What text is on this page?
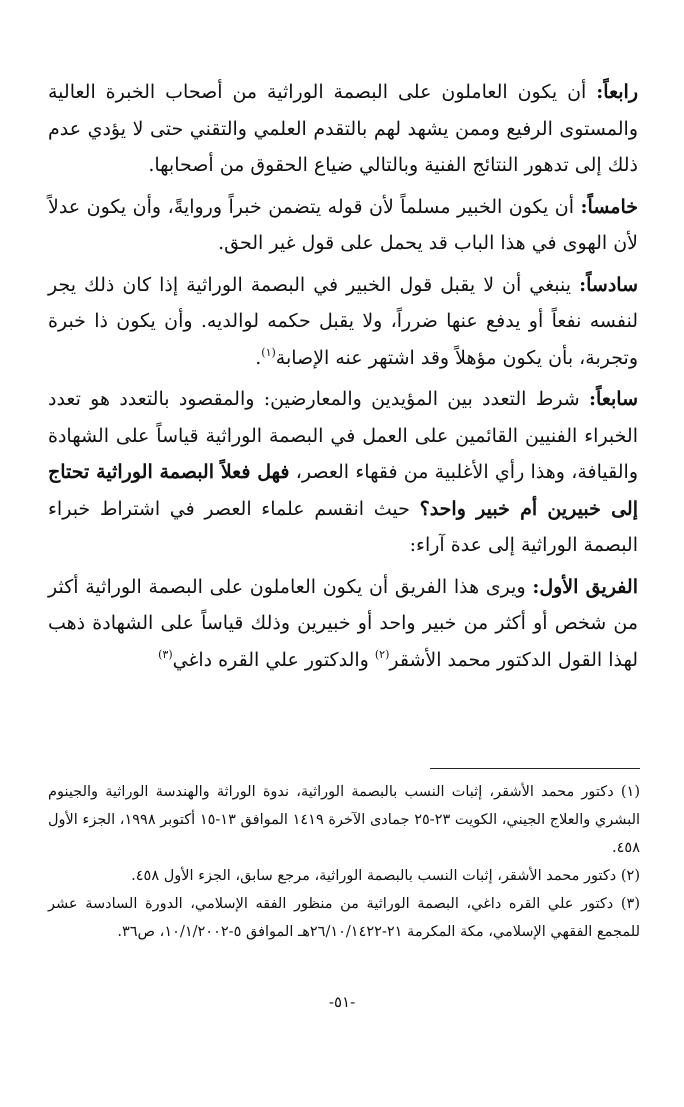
رابعاً: أن يكون العاملون على البصمة الوراثية من أصحاب الخبرة العالية والمستوى الرفيع وممن يشهد لهم بالتقدم العلمي والتقني حتى لا يؤدي عدم ذلك إلى تدهور النتائج الفنية وبالتالي ضياع الحقوق من أصحابها.

خامساً: أن يكون الخبير مسلماً لأن قوله يتضمن خبراً وروايةً، وأن يكون عدلاً لأن الهوى في هذا الباب قد يحمل على قول غير الحق.

سادساً: ينبغي أن لا يقبل قول الخبير في البصمة الوراثية إذا كان ذلك يجر لنفسه نفعاً أو يدفع عنها ضرراً، ولا يقبل حكمه لوالديه. وأن يكون ذا خبرة وتجربة، بأن يكون مؤهلاً وقد اشتهر عنه الإصابة$^{(١)}$.

سابعاً: شرط التعدد بين المؤيدين والمعارضين: والمقصود بالتعدد هو تعدد الخبراء الفنيين القائمين على العمل في البصمة الوراثية قياساً على الشهادة والقيافة، وهذا رأي الأغلبية من فقهاء العصر، فهل فعلاً البصمة الوراثية تحتاج إلى خبيرين أم خبير واحد؟ حيث انقسم علماء العصر في اشتراط خبراء البصمة الوراثية إلى عدة آراء:

الفريق الأول: ويرى هذا الفريق أن يكون العاملون على البصمة الوراثية أكثر من شخص أو أكثر من خبير واحد أو خبيرين وذلك قياساً على الشهادة ذهب لهذا القول الدكتور محمد الأشقر$^{(٢)}$ والدكتور علي القره داغي$^{(٣)}$

(١) دكتور محمد الأشقر، إثبات النسب بالبصمة الوراثية، ندوة الوراثة والهندسة الوراثية والجينوم البشري والعلاج الجيني، الكويت ٢٣-٢٥ جمادى الآخرة ١٤١٩ الموافق ١٣-١٥ أكتوبر ١٩٩٨، الجزء الأول ٤٥٨.

(٢) دكتور محمد الأشقر، إثبات النسب بالبصمة الوراثية، مرجع سابق، الجزء الأول ٤٥٨.

(٣) دكتور علي القره داغي، البصمة الوراثية من منظور الفقه الإسلامي، الدورة السادسة عشر للمجمع الفقهي الإسلامي، مكة المكرمة ٢١-٢٦/١٠/١٤٢٢هـ الموافق ٥-١٠/١/٢٠٠٢، ص٣٦.

-٥١-
